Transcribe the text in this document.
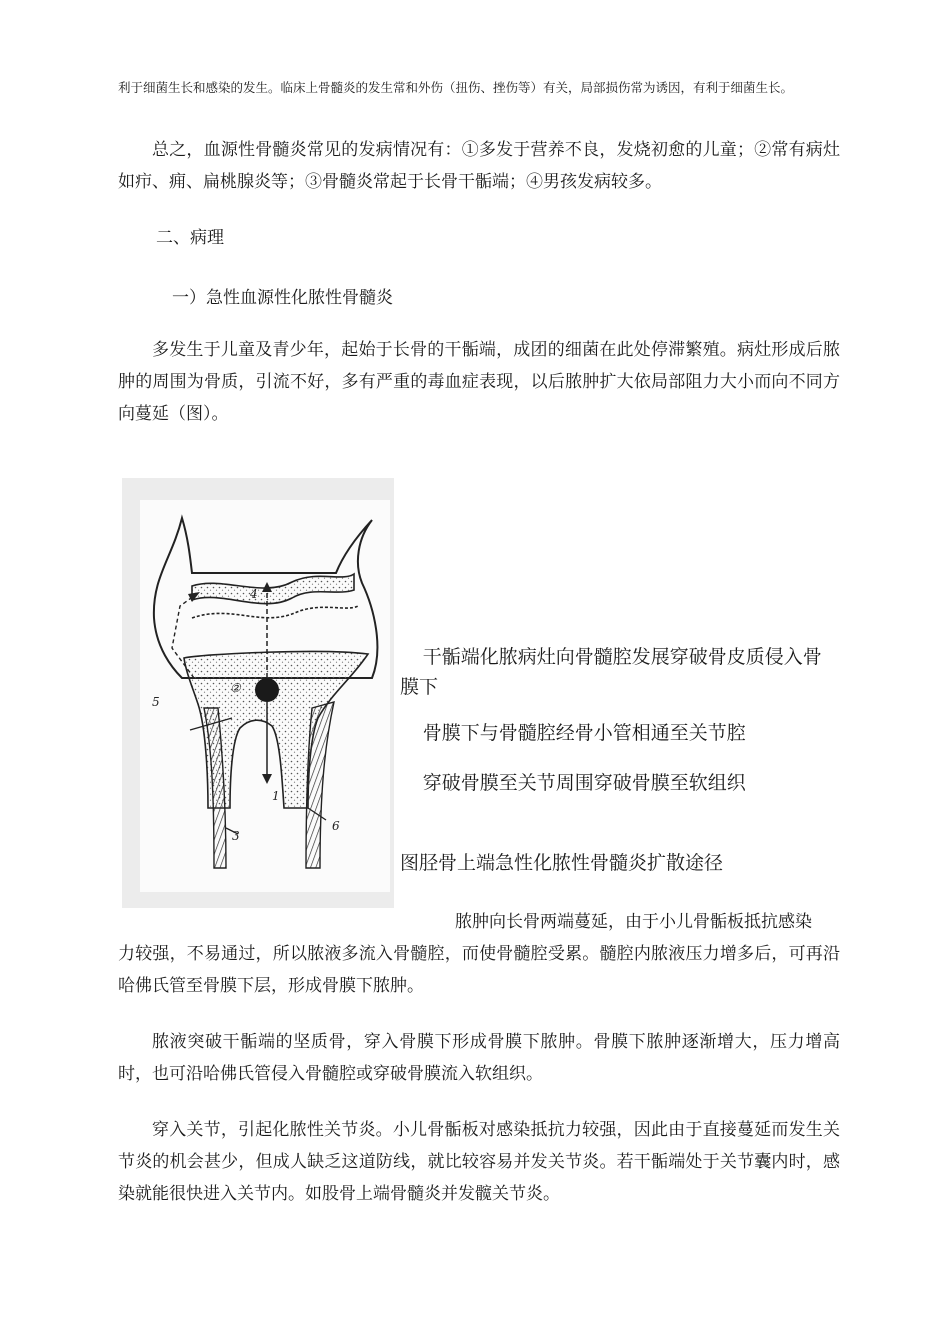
利于细菌生长和感染的发生。临床上骨髓炎的发生常和外伤（扭伤、挫伤等）有关，局部损伤常为诱因，有利于细菌生长。

总之，血源性骨髓炎常见的发病情况有：①多发于营养不良，发烧初愈的儿童；②常有病灶如疖、痈、扁桃腺炎等；③骨髓炎常起于长骨干骺端；④男孩发病较多。

二、病理

一）急性血源性化脓性骨髓炎

多发生于儿童及青少年，起始于长骨的干骺端，成团的细菌在此处停滞繁殖。病灶形成后脓肿的周围为骨质，引流不好，多有严重的毒血症表现，以后脓肿扩大依局部阻力大小而向不同方向蔓延（图）。

1
②
3
4
5
6

干骺端化脓病灶向骨髓腔发展穿破骨皮质侵入骨膜下

骨膜下与骨髓腔经骨小管相通至关节腔

穿破骨膜至关节周围穿破骨膜至软组织

图胫骨上端急性化脓性骨髓炎扩散途径

脓肿向长骨两端蔓延，由于小儿骨骺板抵抗感染

力较强，不易通过，所以脓液多流入骨髓腔，而使骨髓腔受累。髓腔内脓液压力增多后，可再沿哈佛氏管至骨膜下层，形成骨膜下脓肿。

脓液突破干骺端的坚质骨，穿入骨膜下形成骨膜下脓肿。骨膜下脓肿逐渐增大，压力增高时，也可沿哈佛氏管侵入骨髓腔或穿破骨膜流入软组织。

穿入关节，引起化脓性关节炎。小儿骨骺板对感染抵抗力较强，因此由于直接蔓延而发生关节炎的机会甚少，但成人缺乏这道防线，就比较容易并发关节炎。若干骺端处于关节囊内时，感染就能很快进入关节内。如股骨上端骨髓炎并发髋关节炎。
